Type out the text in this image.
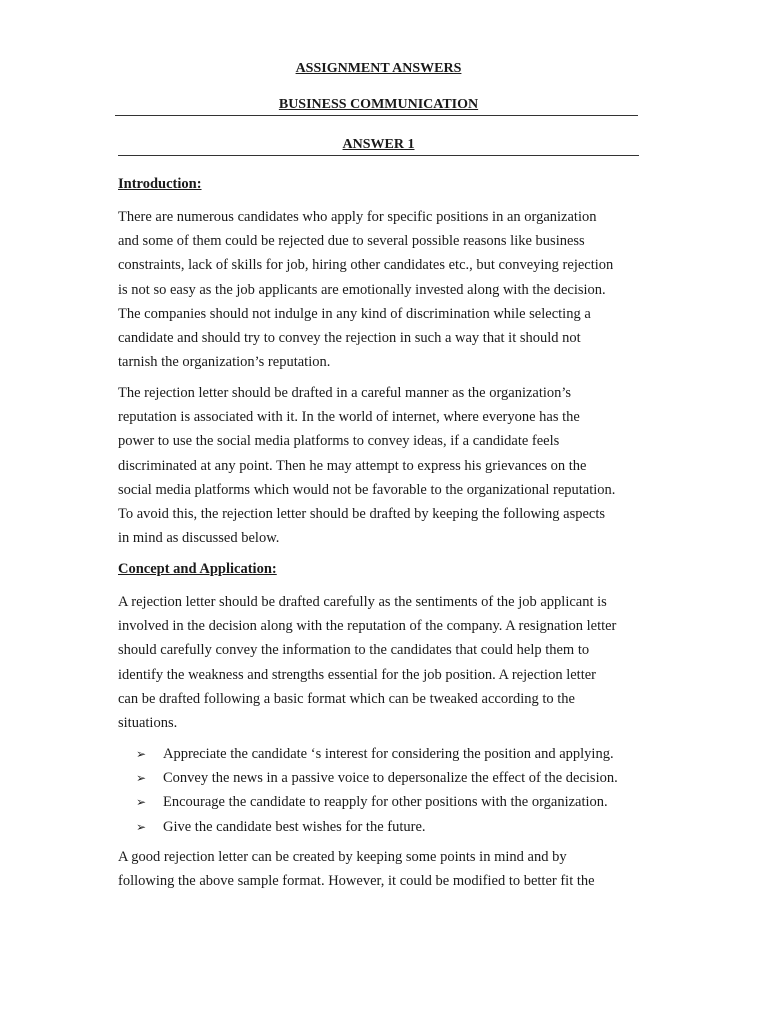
ASSIGNMENT ANSWERS

BUSINESS COMMUNICATION

ANSWER 1

Introduction:

There are numerous candidates who apply for specific positions in an organization
and some of them could be rejected due to several possible reasons like business
constraints, lack of skills for job, hiring other candidates etc., but conveying rejection
is not so easy as the job applicants are emotionally invested along with the decision.
The companies should not indulge in any kind of discrimination while selecting a
candidate and should try to convey the rejection in such a way that it should not
tarnish the organization’s reputation.

The rejection letter should be drafted in a careful manner as the organization’s
reputation is associated with it. In the world of internet, where everyone has the
power to use the social media platforms to convey ideas, if a candidate feels
discriminated at any point. Then he may attempt to express his grievances on the
social media platforms which would not be favorable to the organizational reputation.
To avoid this, the rejection letter should be drafted by keeping the following aspects
in mind as discussed below.

Concept and Application:

A rejection letter should be drafted carefully as the sentiments of the job applicant is
involved in the decision along with the reputation of the company. A resignation letter
should carefully convey the information to the candidates that could help them to
identify the weakness and strengths essential for the job position. A rejection letter
can be drafted following a basic format which can be tweaked according to the
situations.

➢	Appreciate the candidate ‘s interest for considering the position and applying.
➢	Convey the news in a passive voice to depersonalize the effect of the decision.
➢	Encourage the candidate to reapply for other positions with the organization.
➢	Give the candidate best wishes for the future.

A good rejection letter can be created by keeping some points in mind and by
following the above sample format. However, it could be modified to better fit the
